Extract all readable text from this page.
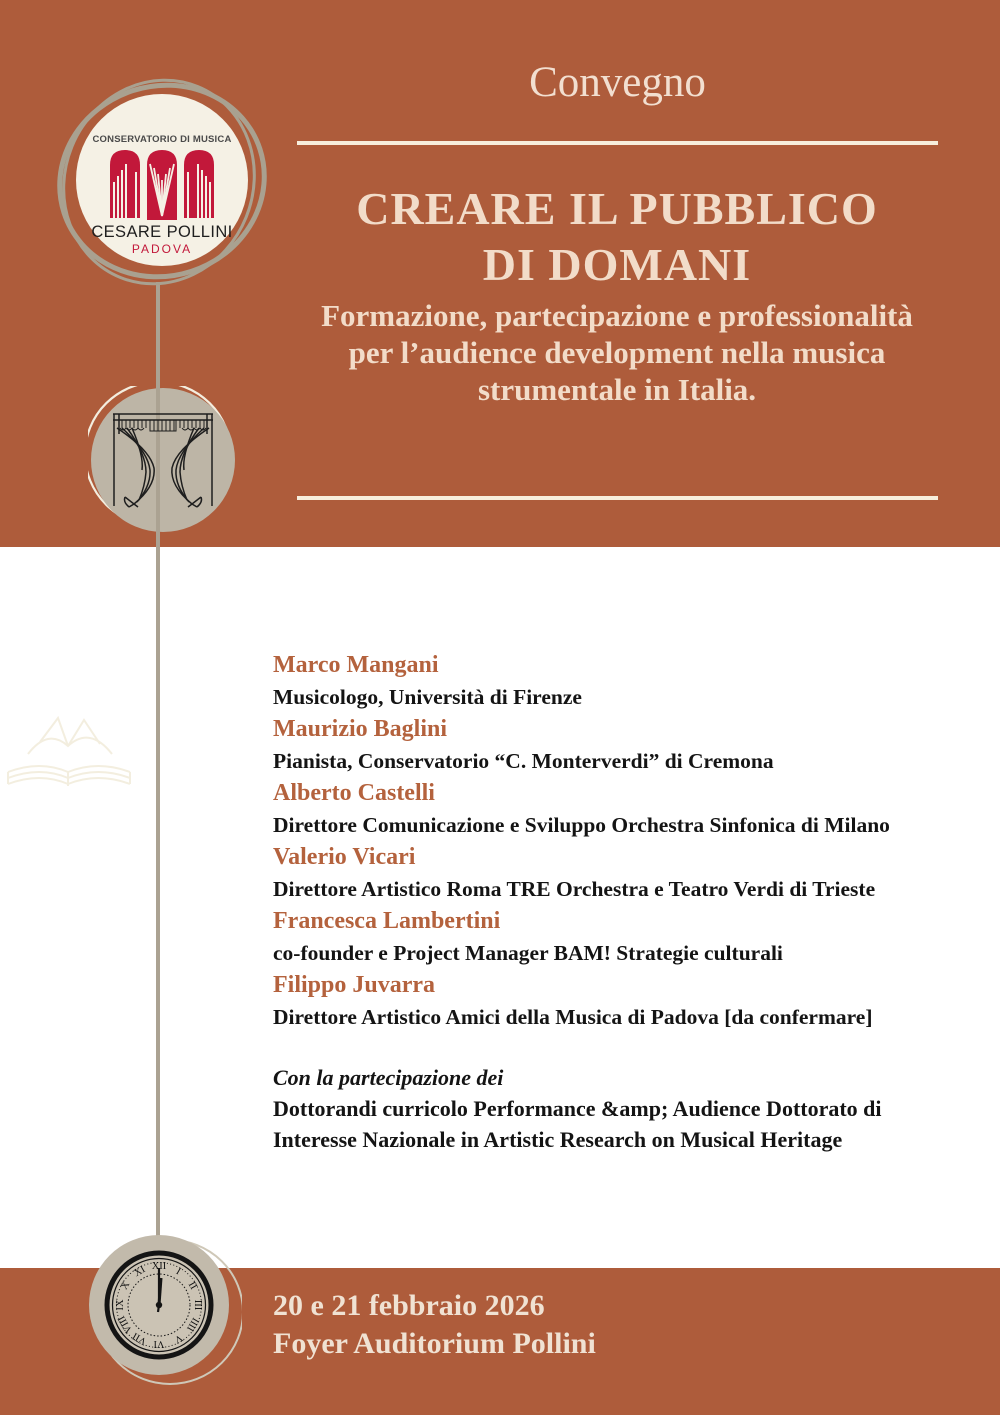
CONSERVATORIO DI MUSICA
CESARE POLLINI
PADOVA
Convegno
CREARE IL PUBBLICO
DI DOMANI
Formazione, partecipazione e professionalità
per l’audience development nella musica
strumentale in Italia.
Marco Mangani
Musicologo, Università di Firenze
Maurizio Baglini
Pianista, Conservatorio “C. Monterverdi” di Cremona
Alberto Castelli
Direttore Comunicazione e Sviluppo Orchestra Sinfonica di Milano
Valerio Vicari
Direttore Artistico Roma TRE Orchestra e Teatro Verdi di Trieste
Francesca Lambertini
co-founder e Project Manager BAM! Strategie culturali
Filippo Juvarra
Direttore Artistico Amici della Musica di Padova [da confermare]
Con la partecipazione dei
Dottorandi curricolo Performance &amp; Audience Dottorato di
Interesse Nazionale in Artistic Research on Musical Heritage
20 e 21 febbraio 2026
Foyer Auditorium Pollini
XII I
II
III
IIII
V
VI
VII
VIII
IX
X
XI
